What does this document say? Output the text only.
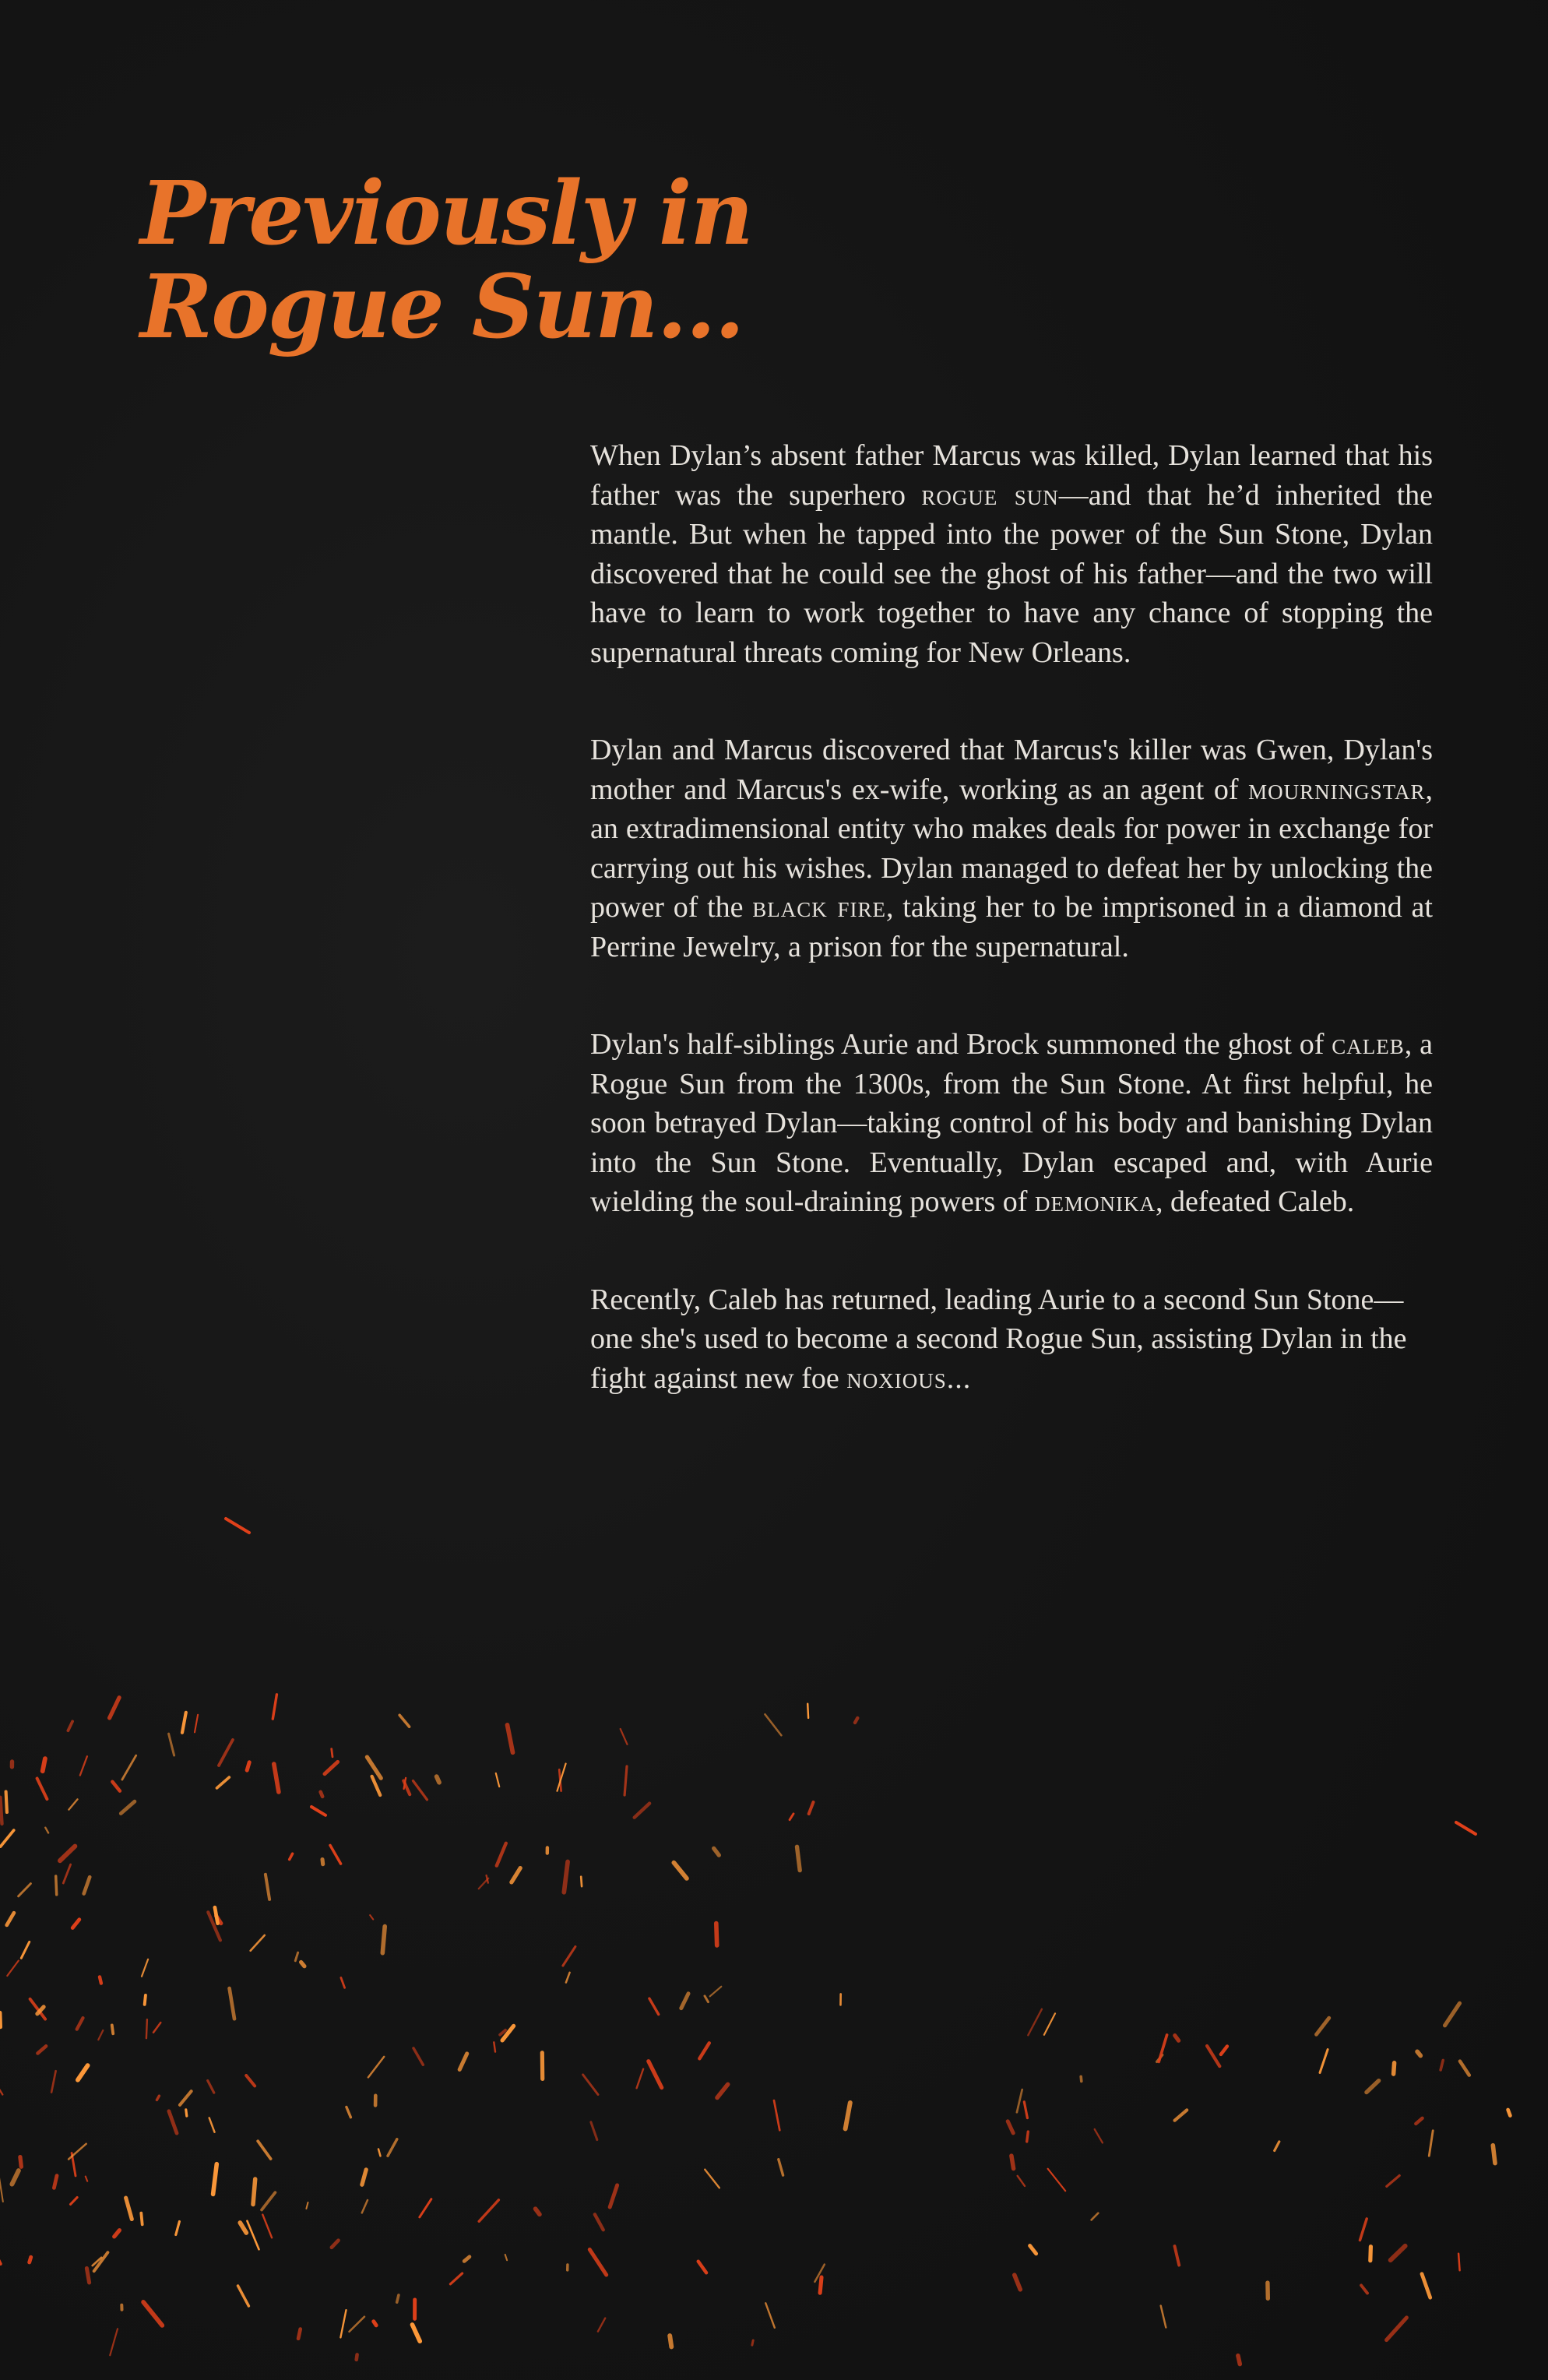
Previously in
Rogue Sun...

When Dylan’s absent father Marcus was killed, Dylan learned that his father was the superhero rogue sun—and that he’d inherited the mantle. But when he tapped into the power of the Sun Stone, Dylan discovered that he could see the ghost of his father—and the two will have to learn to work together to have any chance of stopping the supernatural threats coming for New Orleans.

Dylan and Marcus discovered that Marcus's killer was Gwen, Dylan's mother and Marcus's ex-wife, working as an agent of mourningstar, an extradimensional entity who makes deals for power in exchange for carrying out his wishes. Dylan managed to defeat her by unlocking the power of the black fire, taking her to be imprisoned in a diamond at Perrine Jewelry, a prison for the supernatural.

Dylan's half-siblings Aurie and Brock summoned the ghost of caleb, a Rogue Sun from the 1300s, from the Sun Stone. At first helpful, he soon betrayed Dylan—taking control of his body and banishing Dylan into the Sun Stone. Eventually, Dylan escaped and, with Aurie wielding the soul-draining powers of demonika, defeated Caleb.

Recently, Caleb has returned, leading Aurie to a second Sun Stone—one she's used to become a second Rogue Sun, assisting Dylan in the fight against new foe noxious...
